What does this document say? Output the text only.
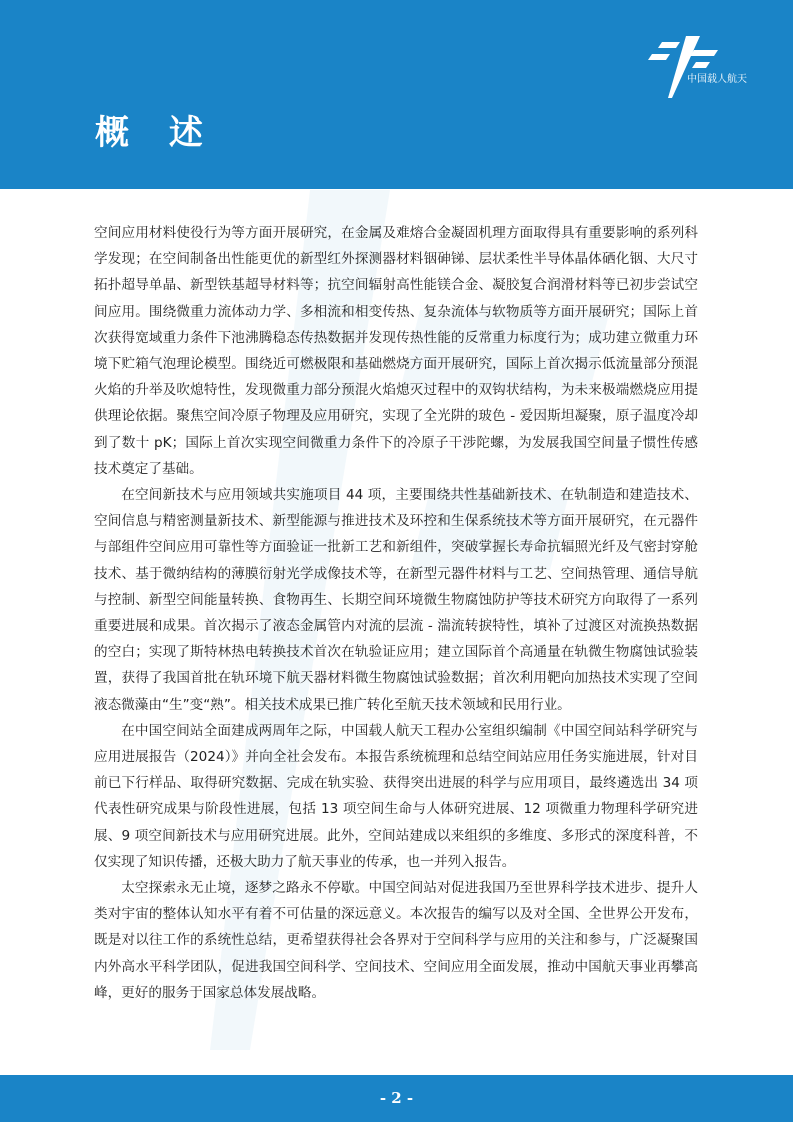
概 述
中国载人航天

空间应用材料使役行为等方面开展研究，在金属及难熔合金凝固机理方面取得具有重要影响的系列科学发现；在空间制备出性能更优的新型红外探测器材料铟砷锑、层状柔性半导体晶体硒化铟、大尺寸拓扑超导单晶、新型铁基超导材料等；抗空间辐射高性能镁合金、凝胶复合润滑材料等已初步尝试空间应用。围绕微重力流体动力学、多相流和相变传热、复杂流体与软物质等方面开展研究；国际上首次获得宽域重力条件下池沸腾稳态传热数据并发现传热性能的反常重力标度行为；成功建立微重力环境下贮箱气泡理论模型。围绕近可燃极限和基础燃烧方面开展研究，国际上首次揭示低流量部分预混火焰的升举及吹熄特性，发现微重力部分预混火焰熄灭过程中的双钩状结构，为未来极端燃烧应用提供理论依据。聚焦空间冷原子物理及应用研究，实现了全光阱的玻色 - 爱因斯坦凝聚，原子温度冷却到了数十 pK；国际上首次实现空间微重力条件下的冷原子干涉陀螺，为发展我国空间量子惯性传感技术奠定了基础。

在空间新技术与应用领域共实施项目 44 项，主要围绕共性基础新技术、在轨制造和建造技术、空间信息与精密测量新技术、新型能源与推进技术及环控和生保系统技术等方面开展研究，在元器件与部组件空间应用可靠性等方面验证一批新工艺和新组件，突破掌握长寿命抗辐照光纤及气密封穿舱技术、基于微纳结构的薄膜衍射光学成像技术等，在新型元器件材料与工艺、空间热管理、通信导航与控制、新型空间能量转换、食物再生、长期空间环境微生物腐蚀防护等技术研究方向取得了一系列重要进展和成果。首次揭示了液态金属管内对流的层流 - 湍流转捩特性，填补了过渡区对流换热数据的空白；实现了斯特林热电转换技术首次在轨验证应用；建立国际首个高通量在轨微生物腐蚀试验装置，获得了我国首批在轨环境下航天器材料微生物腐蚀试验数据；首次利用靶向加热技术实现了空间液态微藻由“生”变“熟”。相关技术成果已推广转化至航天技术领域和民用行业。

在中国空间站全面建成两周年之际，中国载人航天工程办公室组织编制《中国空间站科学研究与应用进展报告（2024）》并向全社会发布。本报告系统梳理和总结空间站应用任务实施进展，针对目前已下行样品、取得研究数据、完成在轨实验、获得突出进展的科学与应用项目，最终遴选出 34 项代表性研究成果与阶段性进展，包括 13 项空间生命与人体研究进展、12 项微重力物理科学研究进展、9 项空间新技术与应用研究进展。此外，空间站建成以来组织的多维度、多形式的深度科普，不仅实现了知识传播，还极大助力了航天事业的传承，也一并列入报告。

太空探索永无止境，逐梦之路永不停歇。中国空间站对促进我国乃至世界科学技术进步、提升人类对宇宙的整体认知水平有着不可估量的深远意义。本次报告的编写以及对全国、全世界公开发布，既是对以往工作的系统性总结，更希望获得社会各界对于空间科学与应用的关注和参与，广泛凝聚国内外高水平科学团队，促进我国空间科学、空间技术、空间应用全面发展，推动中国航天事业再攀高峰，更好的服务于国家总体发展战略。

- 2 -
